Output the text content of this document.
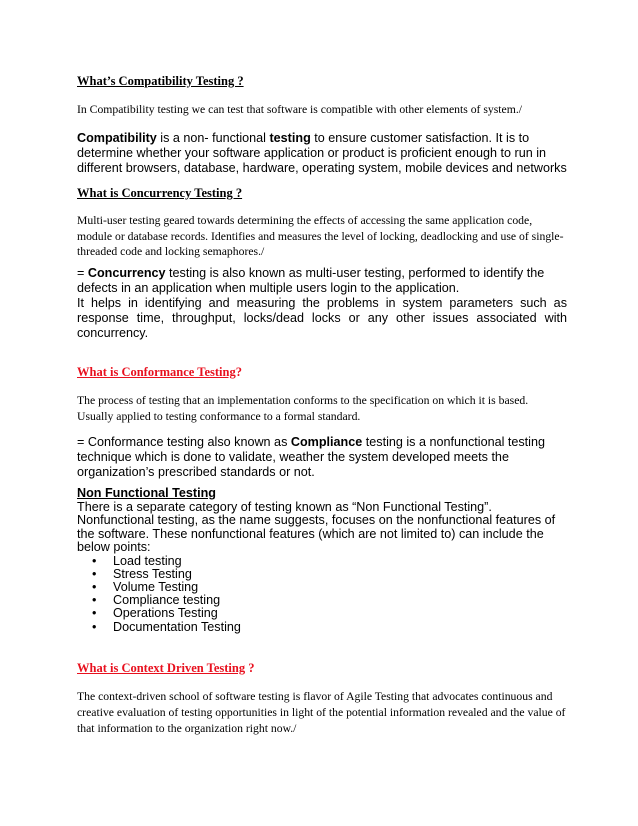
What’s Compatibility Testing ?

In Compatibility testing we can test that software is compatible with other elements of system./

Compatibility is a non- functional testing to ensure customer satisfaction. It is to determine whether your software application or product is proficient enough to run in different browsers, database, hardware, operating system, mobile devices and networks

What is Concurrency Testing ?

Multi-user testing geared towards determining the effects of accessing the same application code, module or database records. Identifies and measures the level of locking, deadlocking and use of single-threaded code and locking semaphores./

= Concurrency testing is also known as multi-user testing, performed to identify the defects in an application when multiple users login to the application.

It helps in identifying and measuring the problems in system parameters such as response time, throughput, locks/dead locks or any other issues associated with concurrency.

What is Conformance Testing?

The process of testing that an implementation conforms to the specification on which it is based. Usually applied to testing conformance to a formal standard.

= Conformance testing also known as Compliance testing is a nonfunctional testing technique which is done to validate, weather the system developed meets the organization’s prescribed standards or not.

Non Functional Testing
There is a separate category of testing known as “Non Functional Testing”.
Nonfunctional testing, as the name suggests, focuses on the nonfunctional features of the software. These nonfunctional features (which are not limited to) can include the below points:
• Load testing
• Stress Testing
• Volume Testing
• Compliance testing
• Operations Testing
• Documentation Testing

What is Context Driven Testing ?

The context-driven school of software testing is flavor of Agile Testing that advocates continuous and creative evaluation of testing opportunities in light of the potential information revealed and the value of that information to the organization right now./
